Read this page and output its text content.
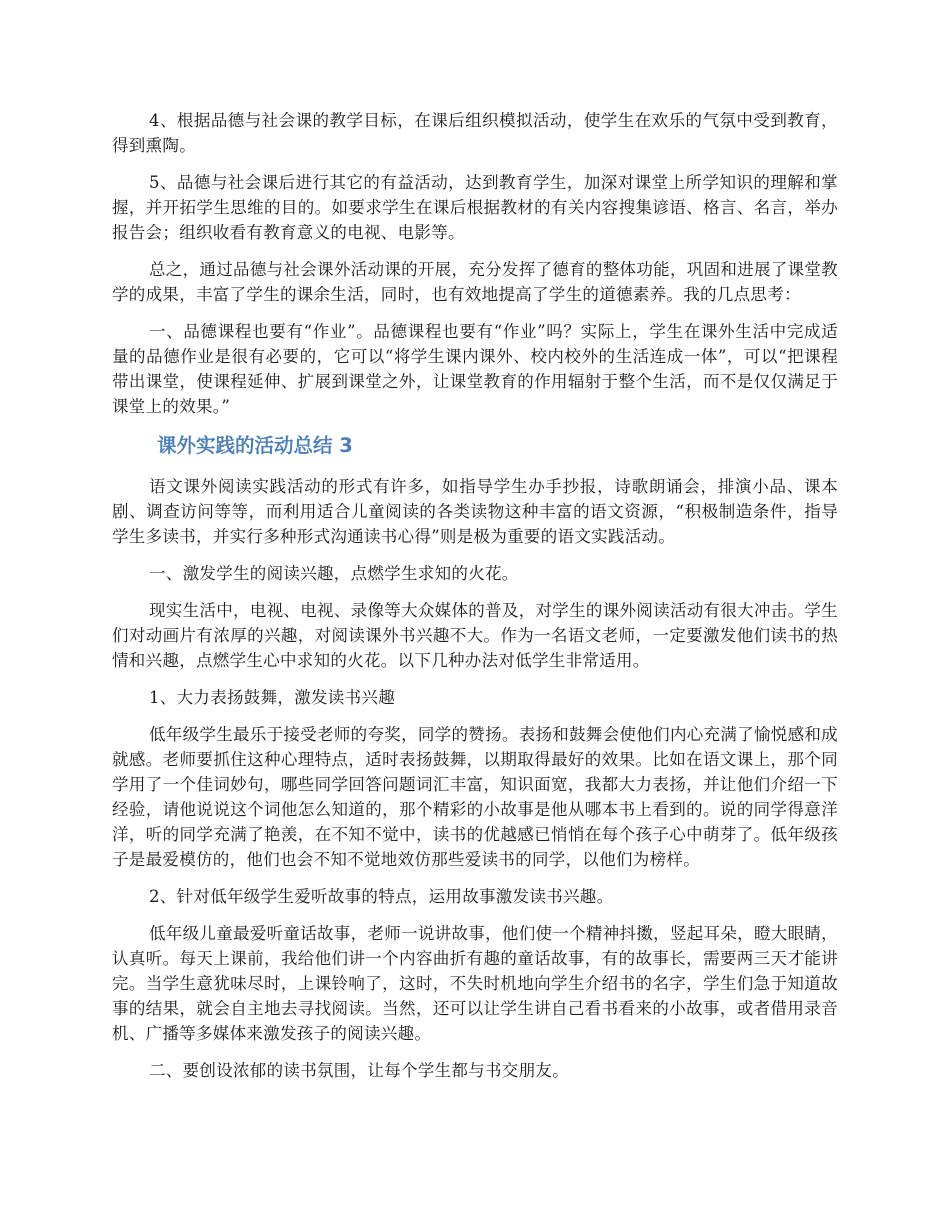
4、根据品德与社会课的教学目标，在课后组织模拟活动，使学生在欢乐的气氛中受到教育，得到熏陶。

5、品德与社会课后进行其它的有益活动，达到教育学生，加深对课堂上所学知识的理解和掌握，并开拓学生思维的目的。如要求学生在课后根据教材的有关内容搜集谚语、格言、名言，举办报告会；组织收看有教育意义的电视、电影等。

总之，通过品德与社会课外活动课的开展，充分发挥了德育的整体功能，巩固和进展了课堂教学的成果，丰富了学生的课余生活，同时，也有效地提高了学生的道德素养。我的几点思考：

一、品德课程也要有“作业”。品德课程也要有“作业”吗？实际上，学生在课外生活中完成适量的品德作业是很有必要的，它可以“将学生课内课外、校内校外的生活连成一体”，可以“把课程带出课堂，使课程延伸、扩展到课堂之外，让课堂教育的作用辐射于整个生活，而不是仅仅满足于课堂上的效果。”

课外实践的活动总结 3

语文课外阅读实践活动的形式有许多，如指导学生办手抄报，诗歌朗诵会，排演小品、课本剧、调查访问等等，而利用适合儿童阅读的各类读物这种丰富的语文资源，“积极制造条件，指导学生多读书，并实行多种形式沟通读书心得”则是极为重要的语文实践活动。

一、激发学生的阅读兴趣，点燃学生求知的火花。

现实生活中，电视、电视、录像等大众媒体的普及，对学生的课外阅读活动有很大冲击。学生们对动画片有浓厚的兴趣，对阅读课外书兴趣不大。作为一名语文老师，一定要激发他们读书的热情和兴趣，点燃学生心中求知的火花。以下几种办法对低学生非常适用。

1、大力表扬鼓舞，激发读书兴趣

低年级学生最乐于接受老师的夸奖，同学的赞扬。表扬和鼓舞会使他们内心充满了愉悦感和成就感。老师要抓住这种心理特点，适时表扬鼓舞，以期取得最好的效果。比如在语文课上，那个同学用了一个佳词妙句，哪些同学回答问题词汇丰富，知识面宽，我都大力表扬，并让他们介绍一下经验，请他说说这个词他怎么知道的，那个精彩的小故事是他从哪本书上看到的。说的同学得意洋洋，听的同学充满了艳羡，在不知不觉中，读书的优越感已悄悄在每个孩子心中萌芽了。低年级孩子是最爱模仿的，他们也会不知不觉地效仿那些爱读书的同学，以他们为榜样。

2、针对低年级学生爱听故事的特点，运用故事激发读书兴趣。

低年级儿童最爱听童话故事，老师一说讲故事，他们使一个精神抖擞，竖起耳朵，瞪大眼睛，认真听。每天上课前，我给他们讲一个内容曲折有趣的童话故事，有的故事长，需要两三天才能讲完。当学生意犹味尽时，上课铃响了，这时，不失时机地向学生介绍书的名字，学生们急于知道故事的结果，就会自主地去寻找阅读。当然，还可以让学生讲自己看书看来的小故事，或者借用录音机、广播等多媒体来激发孩子的阅读兴趣。

二、要创设浓郁的读书氛围，让每个学生都与书交朋友。
